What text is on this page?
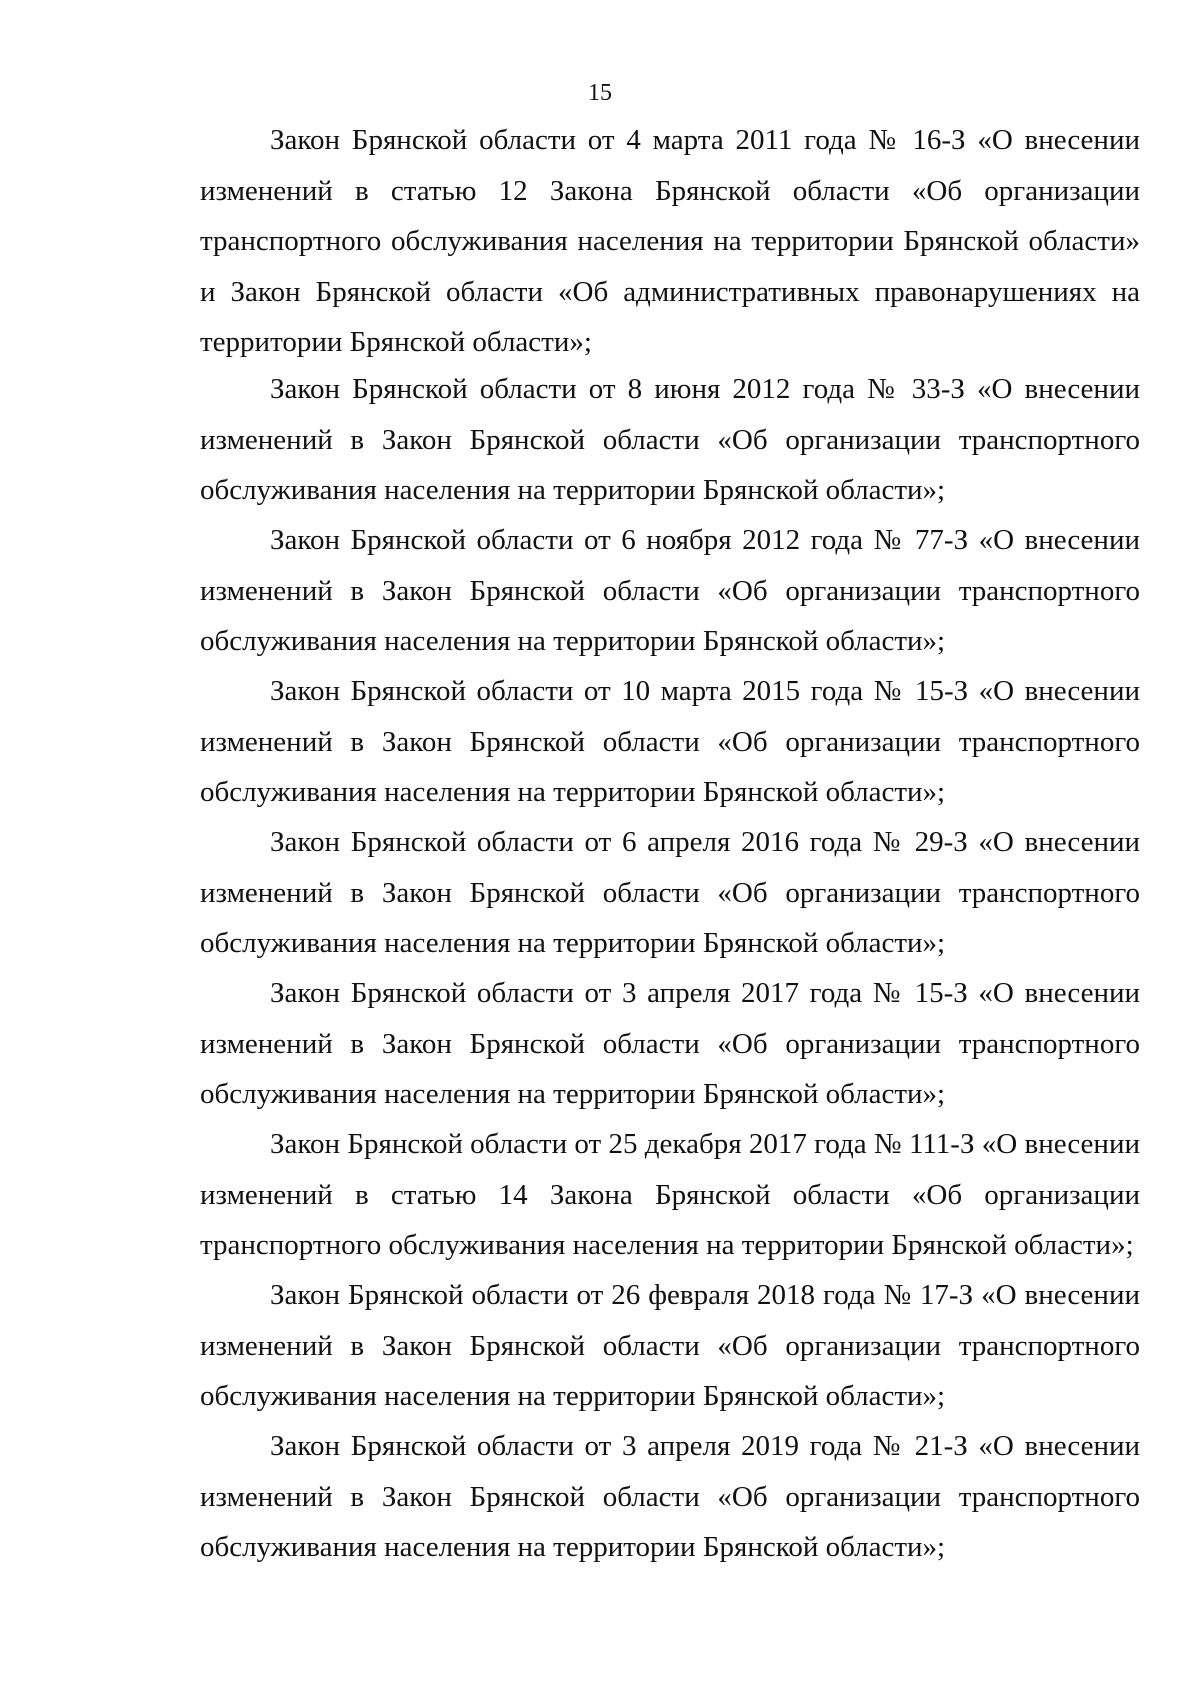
15

Закон Брянской области от 4 марта 2011 года № 16-З «О внесении изменений в статью 12 Закона Брянской области «Об организации транспортного обслуживания населения на территории Брянской области» и Закон Брянской области «Об административных правонарушениях на территории Брянской области»;

Закон Брянской области от 8 июня 2012 года № 33-З «О внесении изменений в Закон Брянской области «Об организации транспортного обслуживания населения на территории Брянской области»;

Закон Брянской области от 6 ноября 2012 года № 77-З «О внесении изменений в Закон Брянской области «Об организации транспортного обслуживания населения на территории Брянской области»;

Закон Брянской области от 10 марта 2015 года № 15-З «О внесении изменений в Закон Брянской области «Об организации транспортного обслуживания населения на территории Брянской области»;

Закон Брянской области от 6 апреля 2016 года № 29-З «О внесении изменений в Закон Брянской области «Об организации транспортного обслуживания населения на территории Брянской области»;

Закон Брянской области от 3 апреля 2017 года № 15-З «О внесении изменений в Закон Брянской области «Об организации транспортного обслуживания населения на территории Брянской области»;

Закон Брянской области от 25 декабря 2017 года № 111-З «О внесении изменений в статью 14 Закона Брянской области «Об организации транспортного обслуживания населения на территории Брянской области»;

Закон Брянской области от 26 февраля 2018 года № 17-З «О внесении изменений в Закон Брянской области «Об организации транспортного обслуживания населения на территории Брянской области»;

Закон Брянской области от 3 апреля 2019 года № 21-З «О внесении изменений в Закон Брянской области «Об организации транспортного обслуживания населения на территории Брянской области»;
